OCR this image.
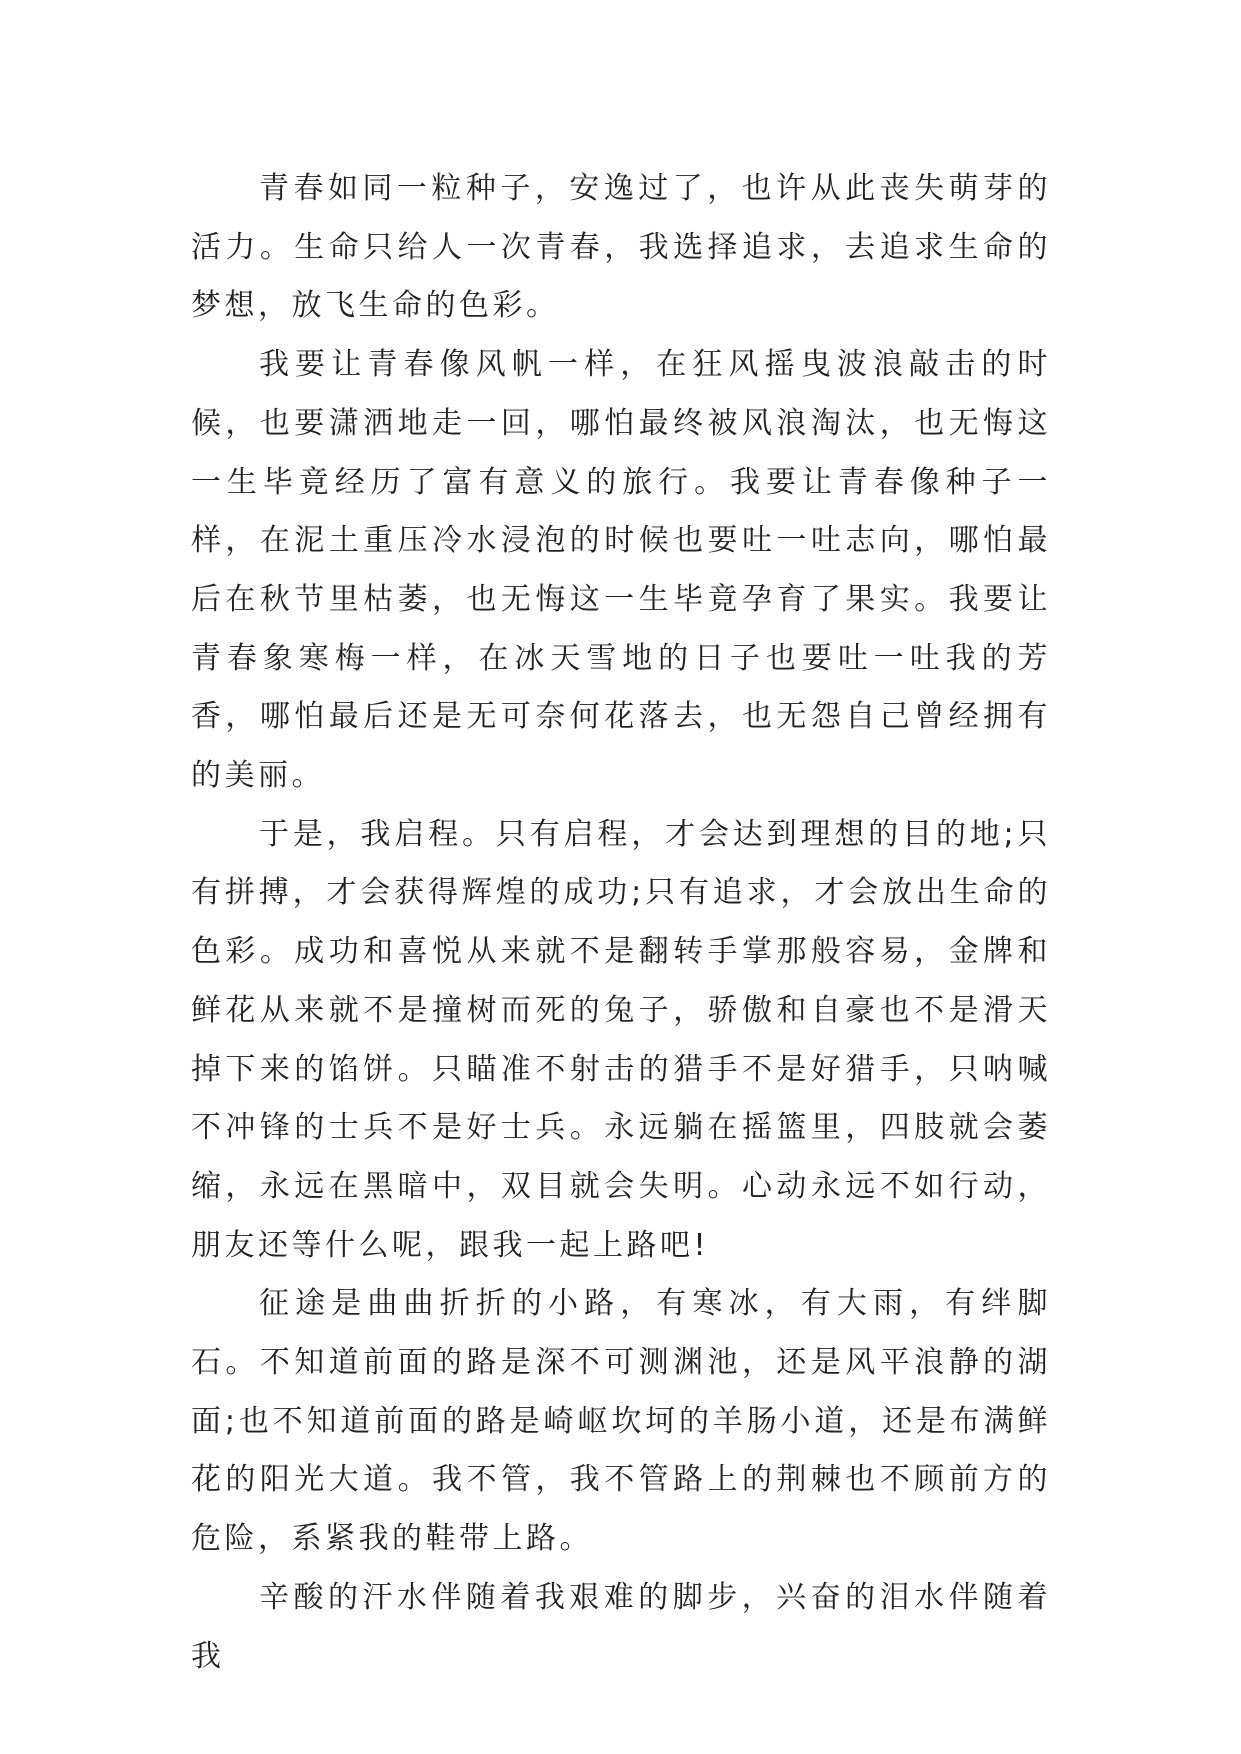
青春如同一粒种子，安逸过了，也许从此丧失萌芽的活力。生命只给人一次青春，我选择追求，去追求生命的梦想，放飞生命的色彩。

我要让青春像风帆一样，在狂风摇曳波浪敲击的时候，也要潇洒地走一回，哪怕最终被风浪淘汰，也无悔这一生毕竟经历了富有意义的旅行。我要让青春像种子一样，在泥土重压冷水浸泡的时候也要吐一吐志向，哪怕最后在秋节里枯萎，也无悔这一生毕竟孕育了果实。我要让青春象寒梅一样，在冰天雪地的日子也要吐一吐我的芳香，哪怕最后还是无可奈何花落去，也无怨自己曾经拥有的美丽。

于是，我启程。只有启程，才会达到理想的目的地;只有拼搏，才会获得辉煌的成功;只有追求，才会放出生命的色彩。成功和喜悦从来就不是翻转手掌那般容易，金牌和鲜花从来就不是撞树而死的兔子，骄傲和自豪也不是滑天掉下来的馅饼。只瞄准不射击的猎手不是好猎手，只呐喊不冲锋的士兵不是好士兵。永远躺在摇篮里，四肢就会萎缩，永远在黑暗中，双目就会失明。心动永远不如行动，朋友还等什么呢，跟我一起上路吧!

征途是曲曲折折的小路，有寒冰，有大雨，有绊脚石。不知道前面的路是深不可测渊池，还是风平浪静的湖面;也不知道前面的路是崎岖坎坷的羊肠小道，还是布满鲜花的阳光大道。我不管，我不管路上的荆棘也不顾前方的危险，系紧我的鞋带上路。

辛酸的汗水伴随着我艰难的脚步，兴奋的泪水伴随着我
